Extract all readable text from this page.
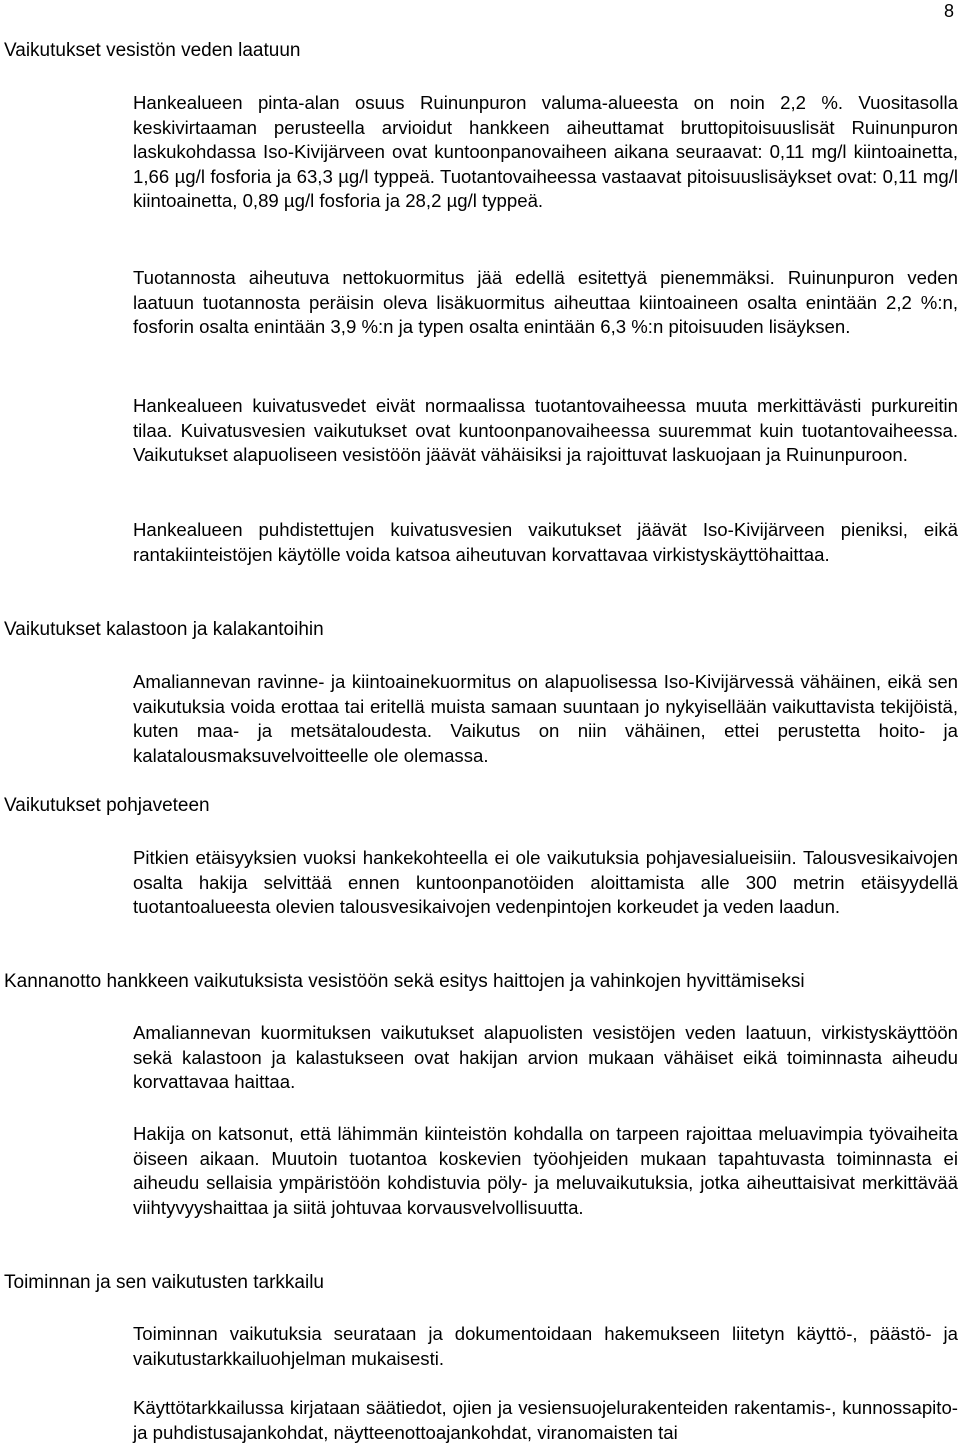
8
Vaikutukset vesistön veden laatuun

Hankealueen pinta-alan osuus Ruinunpuron valuma-alueesta on noin 2,2 %. Vuositasolla keskivirtaaman perusteella arvioidut hankkeen aiheuttamat bruttopitoisuuslisät Ruinunpuron laskukohdassa Iso-Kivijärveen ovat kuntoonpanovaiheen aikana seuraavat: 0,11 mg/l kiintoainetta, 1,66 µg/l fosforia ja 63,3 µg/l typpeä. Tuotantovaiheessa vastaavat pitoisuuslisäykset ovat: 0,11 mg/l kiintoainetta, 0,89 µg/l fosforia ja 28,2 µg/l typpeä.

Tuotannosta aiheutuva nettokuormitus jää edellä esitettyä pienemmäksi. Ruinunpuron veden laatuun tuotannosta peräisin oleva lisäkuormitus aiheuttaa kiintoaineen osalta enintään 2,2 %:n, fosforin osalta enintään 3,9 %:n ja typen osalta enintään 6,3 %:n pitoisuuden lisäyksen.

Hankealueen kuivatusvedet eivät normaalissa tuotantovaiheessa muuta merkittävästi purkureitin tilaa. Kuivatusvesien vaikutukset ovat kuntoonpanovaiheessa suuremmat kuin tuotantovaiheessa. Vaikutukset alapuoliseen vesistöön jäävät vähäisiksi ja rajoittuvat laskuojaan ja Ruinunpuroon.

Hankealueen puhdistettujen kuivatusvesien vaikutukset jäävät Iso-Kivijärveen pieniksi, eikä rantakiinteistöjen käytölle voida katsoa aiheutuvan korvattavaa virkistyskäyttöhaittaa.

Vaikutukset kalastoon ja kalakantoihin

Amaliannevan ravinne- ja kiintoainekuormitus on alapuolisessa Iso-Kivijärvessä vähäinen, eikä sen vaikutuksia voida erottaa tai eritellä muista samaan suuntaan jo nykyisellään vaikuttavista tekijöistä, kuten maa- ja metsätaloudesta. Vaikutus on niin vähäinen, ettei perustetta hoito- ja kalatalousmaksuvelvoitteelle ole olemassa.

Vaikutukset pohjaveteen

Pitkien etäisyyksien vuoksi hankekohteella ei ole vaikutuksia pohjavesialueisiin. Talousvesikaivojen osalta hakija selvittää ennen kuntoonpanotöiden aloittamista alle 300 metrin etäisyydellä tuotantoalueesta olevien talousvesikaivojen vedenpintojen korkeudet ja veden laadun.

Kannanotto hankkeen vaikutuksista vesistöön sekä esitys haittojen ja vahinkojen hyvittämiseksi

Amaliannevan kuormituksen vaikutukset alapuolisten vesistöjen veden laatuun, virkistyskäyttöön sekä kalastoon ja kalastukseen ovat hakijan arvion mukaan vähäiset eikä toiminnasta aiheudu korvattavaa haittaa.

Hakija on katsonut, että lähimmän kiinteistön kohdalla on tarpeen rajoittaa meluavimpia työvaiheita öiseen aikaan. Muutoin tuotantoa koskevien työohjeiden mukaan tapahtuvasta toiminnasta ei aiheudu sellaisia ympäristöön kohdistuvia pöly- ja meluvaikutuksia, jotka aiheuttaisivat merkittävää viihtyvyyshaittaa ja siitä johtuvaa korvausvelvollisuutta.

Toiminnan ja sen vaikutusten tarkkailu

Toiminnan vaikutuksia seurataan ja dokumentoidaan hakemukseen liitetyn käyttö-, päästö- ja vaikutustarkkailuohjelman mukaisesti.

Käyttötarkkailussa kirjataan säätiedot, ojien ja vesiensuojelurakenteiden rakentamis-, kunnossapito- ja puhdistusajankohdat, näytteenottoajankohdat, viranomaisten tai
